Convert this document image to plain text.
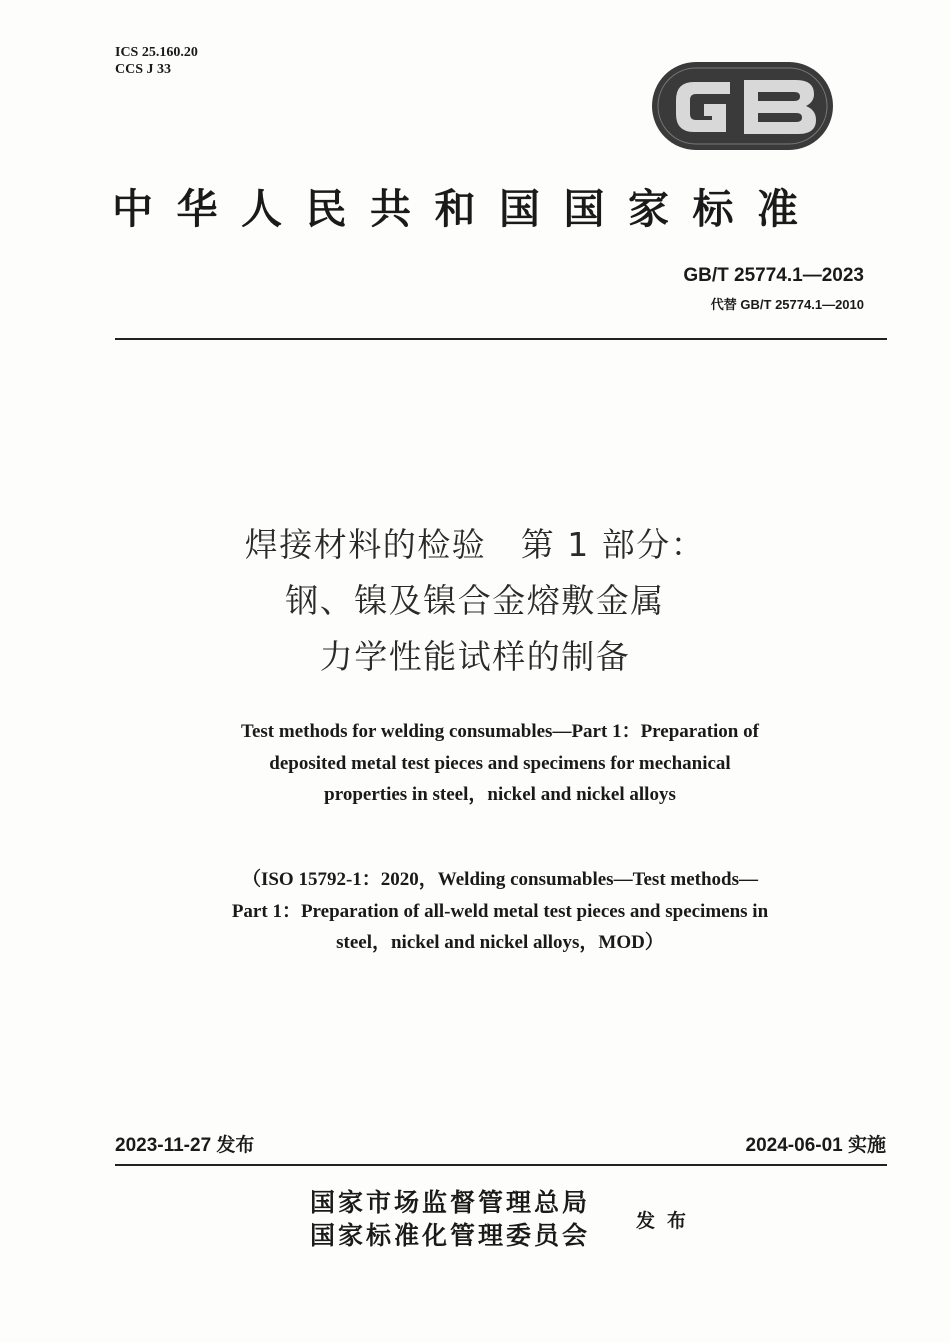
ICS 25.160.20
CCS J 33
中华人民共和国国家标准
GB/T 25774.1—2023
代替 GB/T 25774.1—2010
焊接材料的检验　第 1 部分：
钢、镍及镍合金熔敷金属
力学性能试样的制备
Test methods for welding consumables—Part 1：Preparation of
deposited metal test pieces and specimens for mechanical
properties in steel，nickel and nickel alloys
（ISO 15792-1：2020，Welding consumables—Test methods—
Part 1：Preparation of all-weld metal test pieces and specimens in
steel，nickel and nickel alloys，MOD）
2023-11-27 发布	2024-06-01 实施
国家市场监督管理总局
国家标准化管理委员会 发布
